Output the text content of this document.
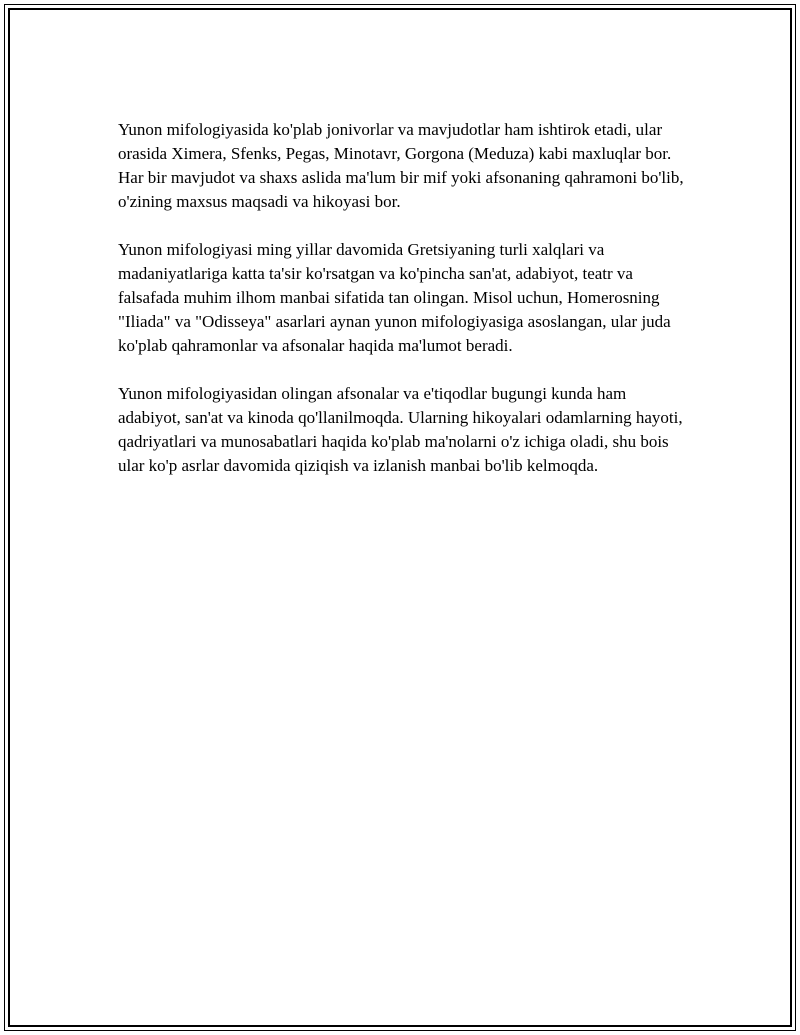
Yunon mifologiyasida ko'plab jonivorlar va mavjudotlar ham ishtirok etadi, ular orasida Ximera, Sfenks, Pegas, Minotavr, Gorgona (Meduza) kabi maxluqlar bor. Har bir mavjudot va shaxs aslida ma'lum bir mif yoki afsonaning qahramoni bo'lib, o'zining maxsus maqsadi va hikoyasi bor.

Yunon mifologiyasi ming yillar davomida Gretsiyaning turli xalqlari va madaniyatlariga katta ta'sir ko'rsatgan va ko'pincha san'at, adabiyot, teatr va falsafada muhim ilhom manbai sifatida tan olingan. Misol uchun, Homerosning "Iliada" va "Odisseya" asarlari aynan yunon mifologiyasiga asoslangan, ular juda ko'plab qahramonlar va afsonalar haqida ma'lumot beradi.

Yunon mifologiyasidan olingan afsonalar va e'tiqodlar bugungi kunda ham adabiyot, san'at va kinoda qo'llanilmoqda. Ularning hikoyalari odamlarning hayoti, qadriyatlari va munosabatlari haqida ko'plab ma'nolarni o'z ichiga oladi, shu bois ular ko'p asrlar davomida qiziqish va izlanish manbai bo'lib kelmoqda.
